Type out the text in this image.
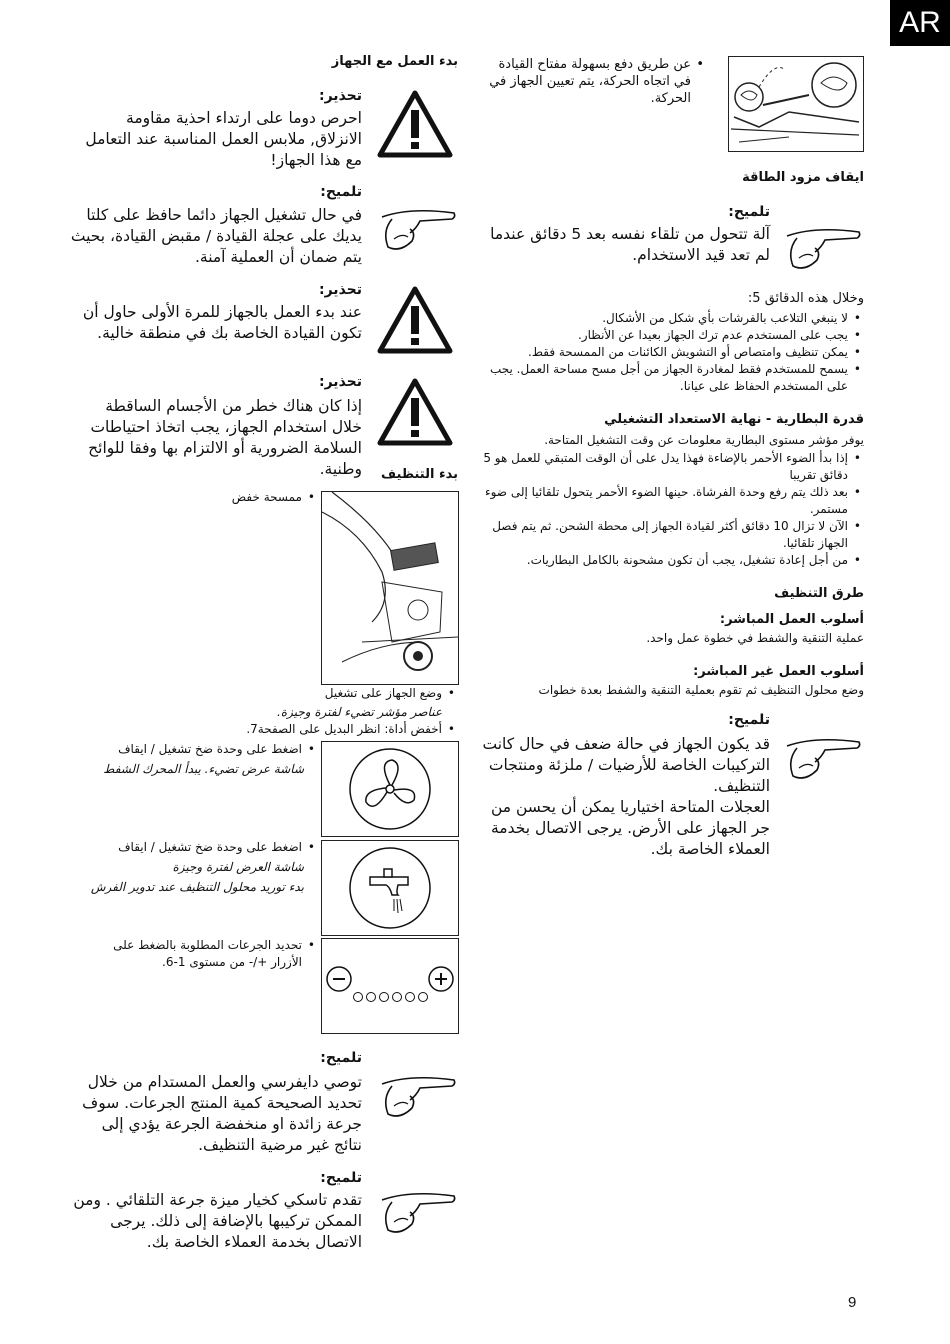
AR
• عن طريق دفع بسهولة مفتاح القيادة في اتجاه الحركة، يتم تعيين الجهاز في الحركة.
ايقاف مزود الطاقة
تلميح:
آلة تتحول من تلقاء نفسه بعد 5 دقائق عندما لم تعد قيد الاستخدام.
وخلال هذه الدقائق 5:
• لا ينبغي التلاعب بالفرشات بأي شكل من الأشكال.
• يجب على المستخدم عدم ترك الجهاز بعيدا عن الأنظار.
• يمكن تنظيف وامتصاص أو التشويش الكائنات من الممسحة فقط.
• يسمح للمستخدم فقط لمغادرة الجهاز من أجل مسح مساحة العمل. يجب على المستخدم الحفاظ على عيانا.
قدرة البطارية - نهاية الاستعداد التشغيلي
يوفر مؤشر مستوى البطارية معلومات عن وقت التشغيل المتاحة.
• إذا بدأ الضوء الأحمر بالإضاءة فهذا يدل على أن الوقت المتبقي للعمل هو 5 دقائق تقريبا
• بعد ذلك يتم رفع وحدة الفرشاة. حينها الضوء الأحمر يتحول تلقائيا إلى ضوء مستمر.
• الآن لا تزال 10 دقائق أكثر لقيادة الجهاز إلى محطة الشحن. ثم يتم فصل الجهاز تلقائيا.
• من أجل إعادة تشغيل، يجب أن تكون مشحونة بالكامل البطاريات.
طرق التنظيف
أسلوب العمل المباشر:
عملية التنقية والشفط في خطوة عمل واحد.
أسلوب العمل غير المباشر:
وضع محلول التنظيف ثم تقوم بعملية التنقية والشفط بعدة خطوات
تلميح:
قد يكون الجهاز في حالة ضعف في حال كانت التركيبات الخاصة للأرضيات / ملزئة ومنتجات التنظيف.
العجلات المتاحة اختياريا يمكن أن يحسن من جر الجهاز على الأرض. يرجى الاتصال بخدمة العملاء الخاصة بك.
بدء العمل مع الجهاز
تحذير:
احرص دوما على ارتداء احذية مقاومة الانزلاق, ملابس العمل المناسبة عند التعامل مع هذا الجهاز!
تلميح:
في حال تشغيل الجهاز دائما حافظ على كلتا يديك على عجلة القيادة / مقبض القيادة، بحيث يتم ضمان أن العملية آمنة.
تحذير:
عند بدء العمل بالجهاز للمرة الأولى حاول أن تكون القيادة الخاصة بك في منطقة خالية.
تحذير:
إذا كان هناك خطر من الأجسام الساقطة خلال استخدام الجهاز، يجب اتخاذ احتياطات السلامة الضرورية أو الالتزام بها وفقا للوائح وطنية.	بدء التنظيف
• ممسحة خفض
• وضع الجهاز على تشغيل
عناصر مؤشر تضيء لفترة وجيزة.
• أخفض أداة: انظر البديل على الصفحة7.
• اضغط على وحدة ضخ تشغيل / ايقاف
شاشة عرض تضيء. يبدأ المحرك الشفط
• اضغط على وحدة ضخ تشغيل / ايقاف
شاشة العرض لفترة وجيزة
بدء توريد محلول التنظيف عند تدوير الفرش
• تحديد الجرعات المطلوبة بالضغط على الأزرار +/- من مستوى 1-6.
تلميح:
توصي دايفرسي والعمل المستدام من خلال تحديد الصحيحة كمية المنتج الجرعات. سوف جرعة زائدة او منخفضة الجرعة يؤدي إلى نتائج غير مرضية التنظيف.
تلميح:
تقدم تاسكي كخيار ميزة جرعة التلقائي . ومن الممكن تركيبها بالإضافة إلى ذلك. يرجى الاتصال بخدمة العملاء الخاصة بك.
9
